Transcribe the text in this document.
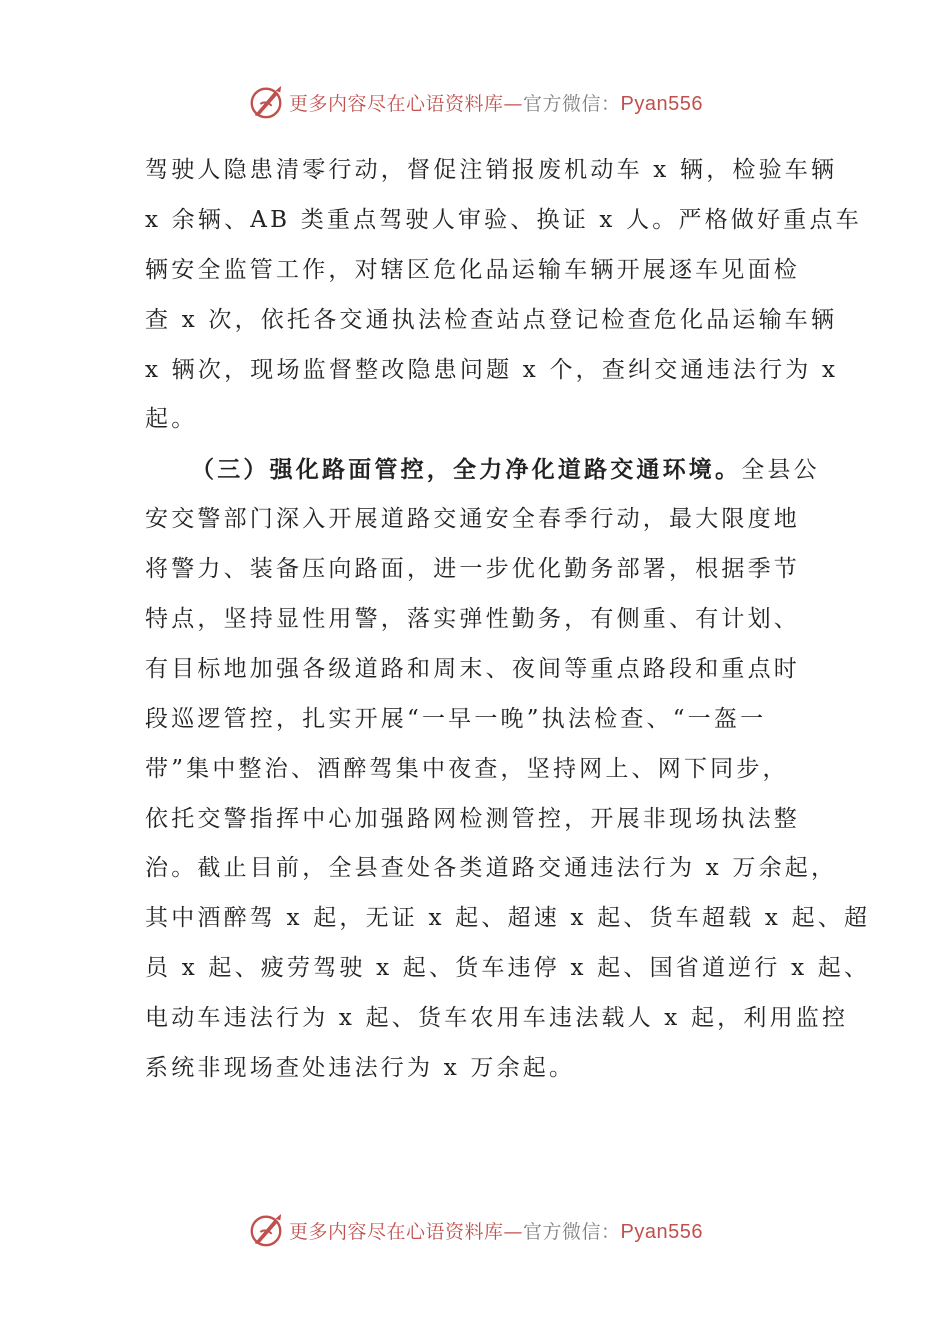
更多内容尽在心语资料库—官方微信：Pyan556
驾驶人隐患清零行动，督促注销报废机动车 x 辆，检验车辆
x 余辆、AB 类重点驾驶人审验、换证 x 人。严格做好重点车
辆安全监管工作，对辖区危化品运输车辆开展逐车见面检
查 x 次，依托各交通执法检查站点登记检查危化品运输车辆
x 辆次，现场监督整改隐患问题 x 个，查纠交通违法行为 x
起。
（三）强化路面管控，全力净化道路交通环境。全县公
安交警部门深入开展道路交通安全春季行动，最大限度地
将警力、装备压向路面，进一步优化勤务部署，根据季节
特点，坚持显性用警，落实弹性勤务，有侧重、有计划、
有目标地加强各级道路和周末、夜间等重点路段和重点时
段巡逻管控，扎实开展“一早一晚”执法检查、“一盔一
带”集中整治、酒醉驾集中夜查，坚持网上、网下同步，
依托交警指挥中心加强路网检测管控，开展非现场执法整
治。截止目前，全县查处各类道路交通违法行为 x 万余起，
其中酒醉驾 x 起，无证 x 起、超速 x 起、货车超载 x 起、超
员 x 起、疲劳驾驶 x 起、货车违停 x 起、国省道逆行 x 起、
电动车违法行为 x 起、货车农用车违法载人 x 起，利用监控
系统非现场查处违法行为 x 万余起。
更多内容尽在心语资料库—官方微信：Pyan556
